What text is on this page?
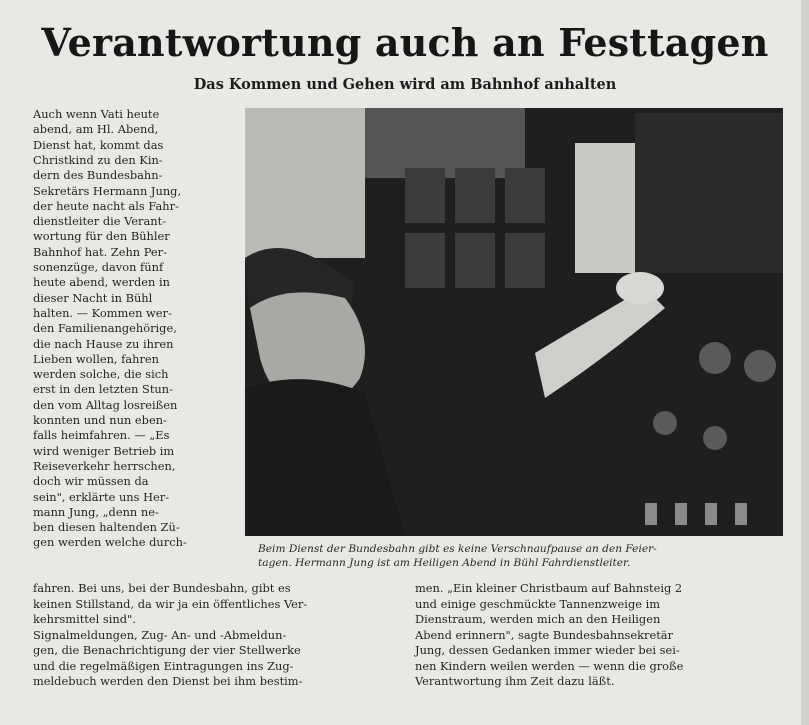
Verantwortung auch an Festtagen
Das Kommen und Gehen wird am Bahnhof anhalten
Auch wenn Vati heute
abend, am Hl. Abend,
Dienst hat, kommt das
Christkind zu den Kin-
dern des Bundesbahn-
Sekretärs Hermann Jung,
der heute nacht als Fahr-
dienstleiter die Verant-
wortung für den Bühler
Bahnhof hat. Zehn Per-
sonenzüge, davon fünf
heute abend, werden in
dieser Nacht in Bühl
halten. — Kommen wer-
den Familienangehörige,
die nach Hause zu ihren
Lieben wollen, fahren
werden solche, die sich
erst in den letzten Stun-
den vom Alltag losreißen
konnten und nun eben-
falls heimfahren. — „Es
wird weniger Betrieb im
Reiseverkehr herrschen,
doch wir müssen da
sein", erklärte uns Her-
mann Jung, „denn ne-
ben diesen haltenden Zü-
gen werden welche durch-
fahren. Bei uns, bei der Bundesbahn, gibt es
keinen Stillstand, da wir ja ein öffentliches Ver-
kehrsmittel sind".
Signalmeldungen, Zug- An- und -Abmeldun-
gen, die Benachrichtigung der vier Stellwerke
und die regelmäßigen Eintragungen ins Zug-
meldebuch werden den Dienst bei ihm bestim-
men. „Ein kleiner Christbaum auf Bahnsteig 2
und einige geschmückte Tannenzweige im
Dienstraum, werden mich an den Heiligen
Abend erinnern", sagte Bundesbahnsekretär
Jung, dessen Gedanken immer wieder bei sei-
nen Kindern weilen werden — wenn die große
Verantwortung ihm Zeit dazu läßt.
Beim Dienst der Bundesbahn gibt es keine Verschnaufpause an den Feier-
tagen. Hermann Jung ist am Heiligen Abend in Bühl Fahrdienstleiter.
